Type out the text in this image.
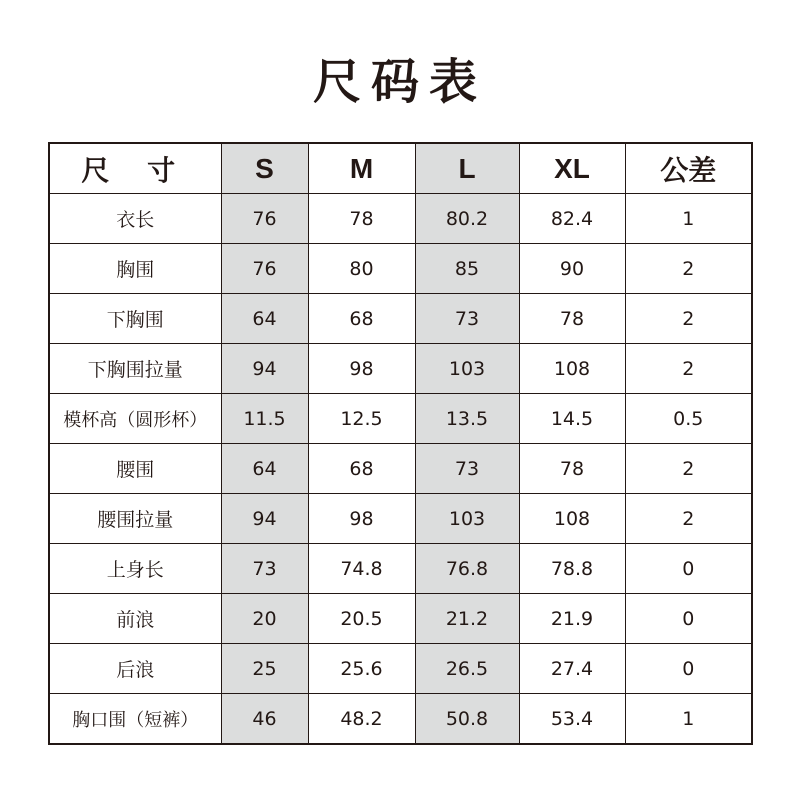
尺码表
尺 寸	S	M	L	XL	公差
衣长	76	78	80.2	82.4	1
胸围	76	80	85	90	2
下胸围	64	68	73	78	2
下胸围拉量	94	98	103	108	2
模杯高（圆形杯）	11.5	12.5	13.5	14.5	0.5
腰围	64	68	73	78	2
腰围拉量	94	98	103	108	2
上身长	73	74.8	76.8	78.8	0
前浪	20	20.5	21.2	21.9	0
后浪	25	25.6	26.5	27.4	0
胸口围（短裤）	46	48.2	50.8	53.4	1
